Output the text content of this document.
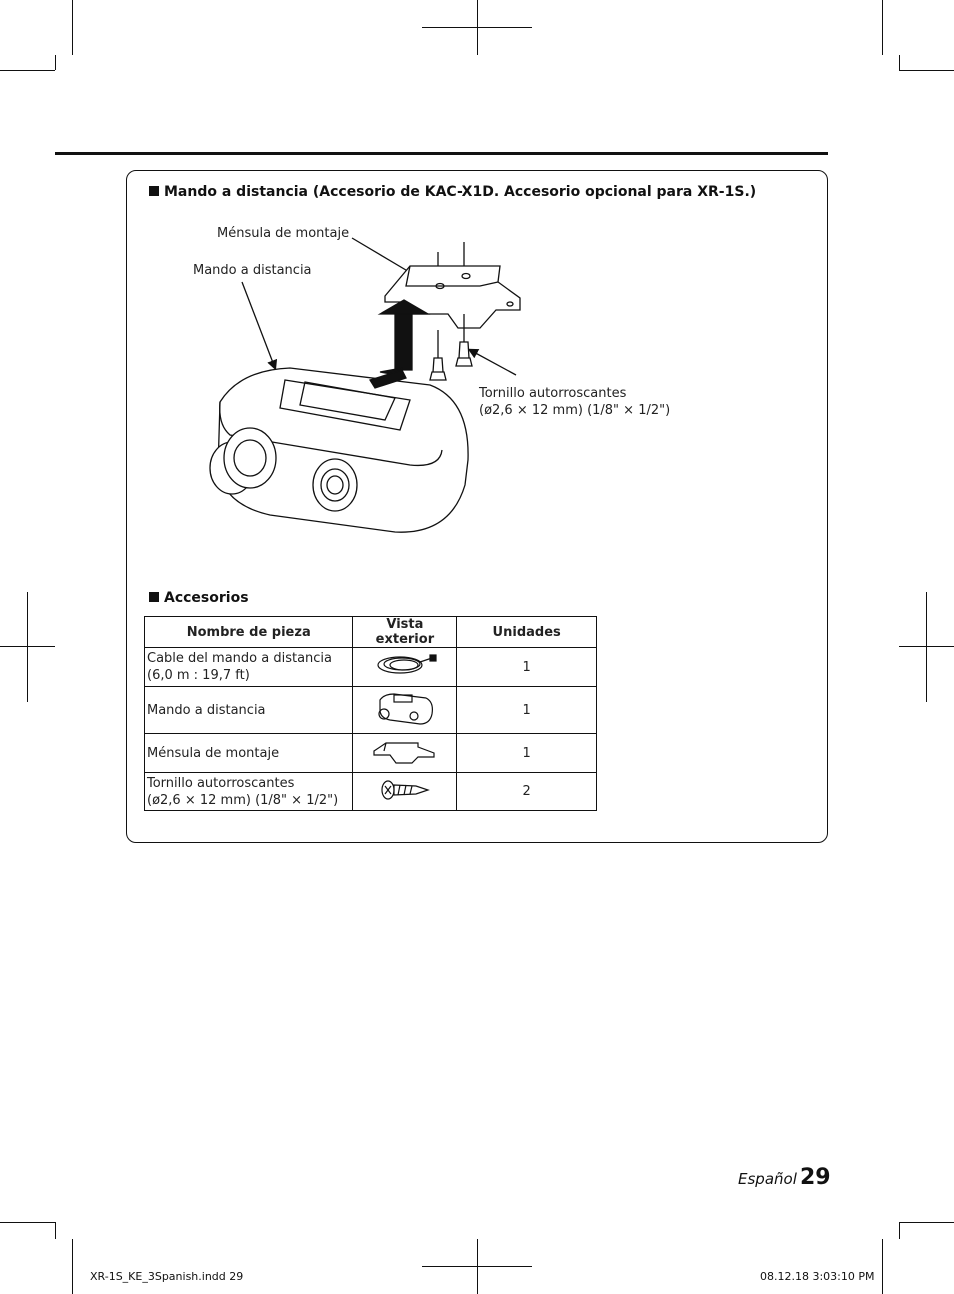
Mando a distancia (Accesorio de KAC-X1D. Accesorio opcional para XR-1S.)
Ménsula de montaje
Mando a distancia
Tornillo autorroscantes
(ø2,6 × 12 mm) (1/8" × 1/2")
Accesorios
Nombre de pieza	Vista exterior	Unidades

Cable del mando a distancia
(6,0 m : 19,7 ft)		1

Mando a distancia		1

Ménsula de montaje		1

Tornillo autorroscantes
(ø2,6 × 12 mm) (1/8" × 1/2")		2
Español 29
XR-1S_KE_3Spanish.indd 29	08.12.18 3:03:10 PM
